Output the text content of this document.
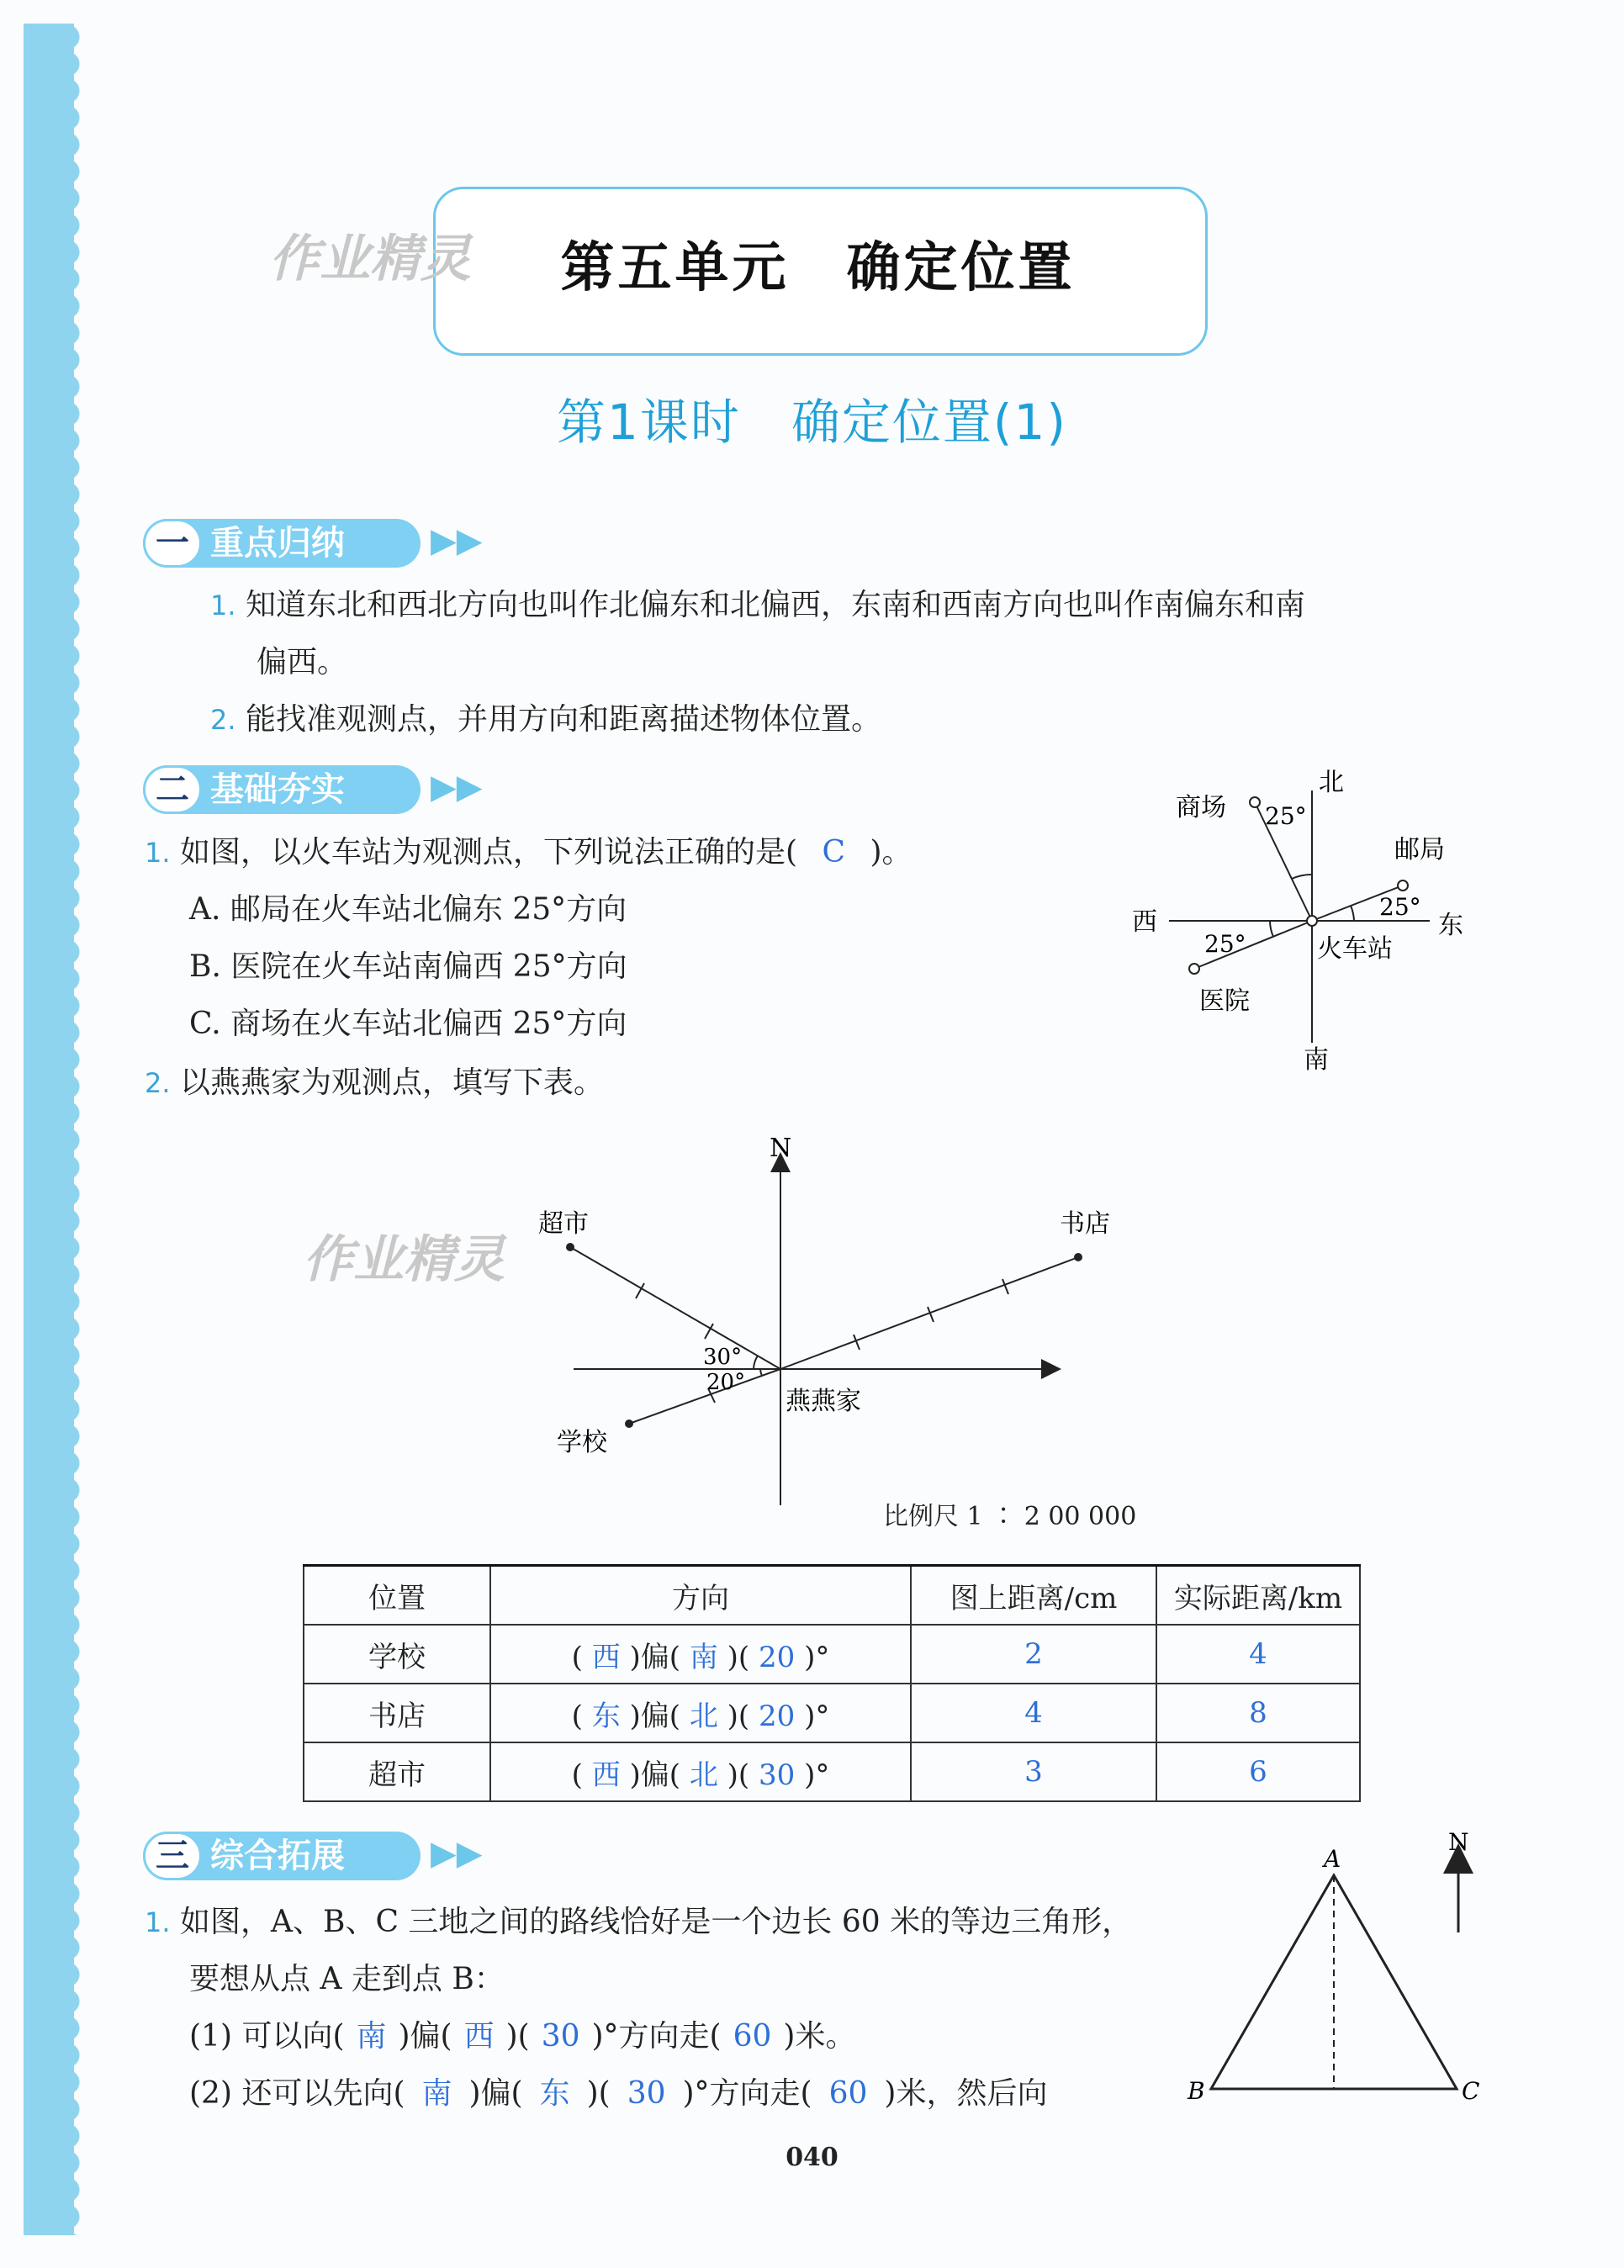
第五单元　确定位置
作业精灵
第1课时　确定位置(1)
一 重点归纳	▶▶
1. 知道东北和西北方向也叫作北偏东和北偏西，东南和西南方向也叫作南偏东和南
偏西。
2. 能找准观测点，并用方向和距离描述物体位置。
二 基础夯实	▶▶
1. 如图，以火车站为观测点，下列说法正确的是( C )。
A. 邮局在火车站北偏东 25°方向
B. 医院在火车站南偏西 25°方向
C. 商场在火车站北偏西 25°方向
2. 以燕燕家为观测点，填写下表。
北
南
东
西
火车站
商场
邮局
医院
25°
25°
25°
作业精灵
N
燕燕家
超市	书店
学校
30°
20°
比例尺 1 ∶ 2 00 000
位置	方向	图上距离/cm	实际距离/km
学校	( 西 )偏( 南 )( 20 )°	2	4
书店	( 东 )偏( 北 )( 20 )°	4	8
超市	( 西 )偏( 北 )( 30 )°	3	6
三 综合拓展	▶▶
1. 如图，A、B、C 三地之间的路线恰好是一个边长 60 米的等边三角形，
要想从点 A 走到点 B：
(1) 可以向( 南 )偏( 西 )( 30 )°方向走( 60 )米。
(2) 还可以先向( 南 )偏( 东 )( 30 )°方向走( 60 )米，然后向
A
B	C
N
040
